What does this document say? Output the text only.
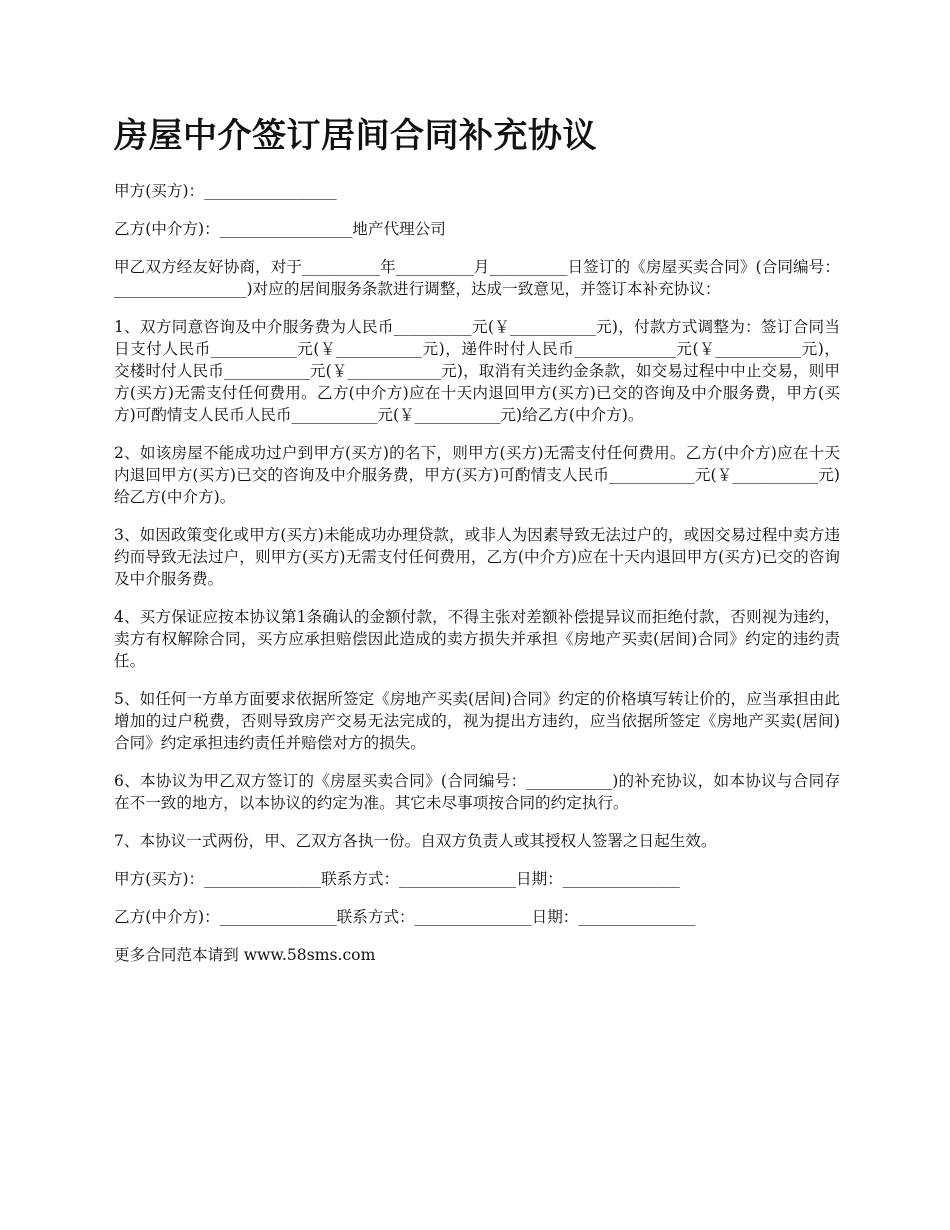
房屋中介签订居间合同补充协议

甲方(买方)：_________________

乙方(中介方)：_________________地产代理公司

甲乙双方经友好协商，对于__________年__________月__________日签订的《房屋买卖合同》(合同编号：_________________)对应的居间服务条款进行调整，达成一致意见，并签订本补充协议：

1、双方同意咨询及中介服务费为人民币__________元(￥___________元)，付款方式调整为：签订合同当日支付人民币___________元(￥___________元)，递件时付人民币_____________元(￥___________元)，交楼时付人民币___________元(￥____________元)，取消有关违约金条款，如交易过程中中止交易，则甲方(买方)无需支付任何费用。乙方(中介方)应在十天内退回甲方(买方)已交的咨询及中介服务费，甲方(买方)可酌情支人民币人民币___________元(￥___________元)给乙方(中介方)。

2、如该房屋不能成功过户到甲方(买方)的名下，则甲方(买方)无需支付任何费用。乙方(中介方)应在十天内退回甲方(买方)已交的咨询及中介服务费，甲方(买方)可酌情支人民币___________元(￥___________元)给乙方(中介方)。

3、如因政策变化或甲方(买方)未能成功办理贷款，或非人为因素导致无法过户的，或因交易过程中卖方违约而导致无法过户，则甲方(买方)无需支付任何费用，乙方(中介方)应在十天内退回甲方(买方)已交的咨询及中介服务费。

4、买方保证应按本协议第1条确认的金额付款，不得主张对差额补偿提异议而拒绝付款，否则视为违约，卖方有权解除合同，买方应承担赔偿因此造成的卖方损失并承担《房地产买卖(居间)合同》约定的违约责任。

5、如任何一方单方面要求依据所签定《房地产买卖(居间)合同》约定的价格填写转让价的，应当承担由此增加的过户税费，否则导致房产交易无法完成的，视为提出方违约，应当依据所签定《房地产买卖(居间)合同》约定承担违约责任并赔偿对方的损失。

6、本协议为甲乙双方签订的《房屋买卖合同》(合同编号：___________)的补充协议，如本协议与合同存在不一致的地方，以本协议的约定为准。其它未尽事项按合同的约定执行。

7、本协议一式两份，甲、乙双方各执一份。自双方负责人或其授权人签署之日起生效。

甲方(买方)：_______________联系方式：_______________日期：_______________

乙方(中介方)：_______________联系方式：_______________日期：_______________

更多合同范本请到 www.58sms.com
